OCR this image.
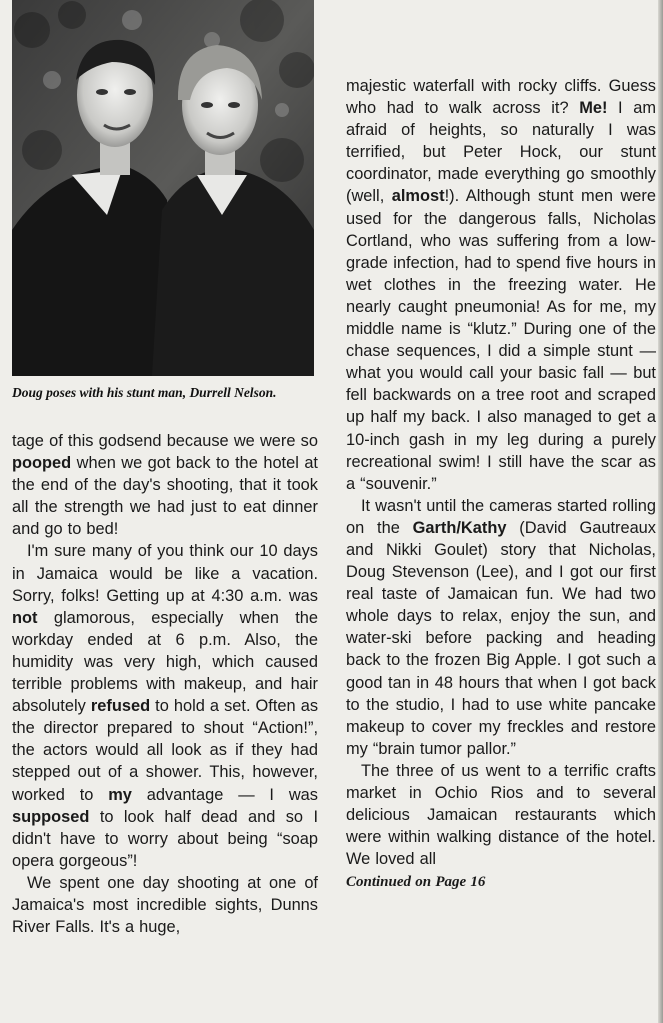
Doug poses with his stunt man, Durrell Nelson.

tage of this godsend because we were so pooped when we got back to the hotel at the end of the day's shooting, that it took all the strength we had just to eat dinner and go to bed!

I'm sure many of you think our 10 days in Jamaica would be like a vacation. Sorry, folks! Getting up at 4:30 a.m. was not glamorous, especially when the workday ended at 6 p.m. Also, the humidity was very high, which caused terrible problems with makeup, and hair absolutely refused to hold a set. Often as the director prepared to shout “Action!”, the actors would all look as if they had stepped out of a shower. This, however, worked to my advantage — I was supposed to look half dead and so I didn't have to worry about being “soap opera gorgeous”!

We spent one day shooting at one of Jamaica's most incredible sights, Dunns River Falls. It's a huge,

majestic waterfall with rocky cliffs. Guess who had to walk across it? Me! I am afraid of heights, so naturally I was terrified, but Peter Hock, our stunt coordinator, made everything go smoothly (well, almost!). Although stunt men were used for the dangerous falls, Nicholas Cortland, who was suffering from a low-grade infection, had to spend five hours in wet clothes in the freezing water. He nearly caught pneumonia! As for me, my middle name is “klutz.” During one of the chase sequences, I did a simple stunt — what you would call your basic fall — but fell backwards on a tree root and scraped up half my back. I also managed to get a 10-inch gash in my leg during a purely recreational swim! I still have the scar as a “souvenir.”

It wasn't until the cameras started rolling on the Garth/Kathy (David Gautreaux and Nikki Goulet) story that Nicholas, Doug Stevenson (Lee), and I got our first real taste of Jamaican fun. We had two whole days to relax, enjoy the sun, and water-ski before packing and heading back to the frozen Big Apple. I got such a good tan in 48 hours that when I got back to the studio, I had to use white pancake makeup to cover my freckles and restore my “brain tumor pallor.”

The three of us went to a terrific crafts market in Ochio Rios and to several delicious Jamaican restaurants which were within walking distance of the hotel. We loved all

Continued on Page 16
